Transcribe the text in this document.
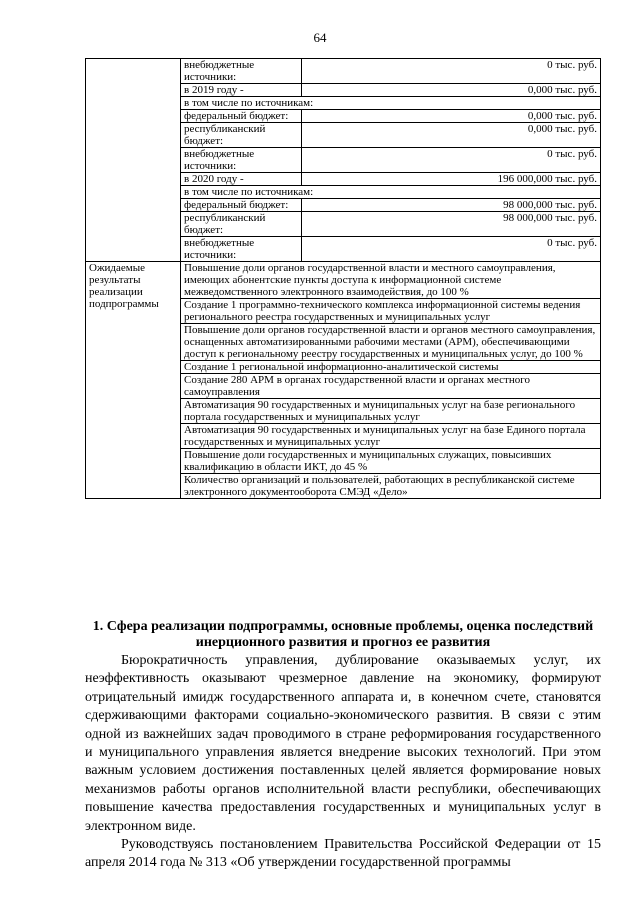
64
	внебюджетные источники:	0 тыс. руб.
	в 2019 году -	0,000 тыс. руб.
	в том числе по источникам:	
	федеральный бюджет:	0,000 тыс. руб.
	республиканский бюджет:	0,000 тыс. руб.
	внебюджетные источники:	0 тыс. руб.
	в 2020 году -	196 000,000 тыс. руб.
	в том числе по источникам:	
	федеральный бюджет:	98 000,000 тыс. руб.
	республиканский бюджет:	98 000,000 тыс. руб.
	внебюджетные источники:	0 тыс. руб.
Ожидаемые результаты реализации подпрограммы	Повышение доли органов государственной власти и местного самоуправления, имеющих абонентские пункты доступа к информационной системе межведомственного электронного взаимодействия, до 100 %	
	Создание 1 программно-технического комплекса информационной системы ведения регионального реестра государственных и муниципальных услуг	
	Повышение доли органов государственной власти и органов местного самоуправления, оснащенных автоматизированными рабочими местами (АРМ), обеспечивающими доступ к региональному реестру государственных и муниципальных услуг, до 100 %	
	Создание 1 региональной информационно-аналитической системы	
	Создание 280 АРМ в органах государственной власти и органах местного самоуправления	
	Автоматизация 90 государственных и муниципальных услуг на базе регионального портала государственных и муниципальных услуг	
	Автоматизация 90 государственных и муниципальных услуг на базе Единого портала государственных и муниципальных услуг	
	Повышение доли государственных и муниципальных служащих, повысивших квалификацию в области ИКТ, до 45 %	
	Количество организаций и пользователей, работающих в республиканской системе электронного документооборота СМЭД «Дело»	
1. Сфера реализации подпрограммы, основные проблемы, оценка последствий инерционного развития и прогноз ее развития

Бюрократичность управления, дублирование оказываемых услуг, их неэффективность оказывают чрезмерное давление на экономику, формируют отрицательный имидж государственного аппарата и, в конечном счете, становятся сдерживающими факторами социально-экономического развития. В связи с этим одной из важнейших задач проводимого в стране реформирования государственного и муниципального управления является внедрение высоких технологий. При этом важным условием достижения поставленных целей является формирование новых механизмов работы органов исполнительной власти республики, обеспечивающих повышение качества предоставления государственных и муниципальных услуг в электронном виде.

Руководствуясь постановлением Правительства Российской Федерации от 15 апреля 2014 года № 313 «Об утверждении государственной программы
